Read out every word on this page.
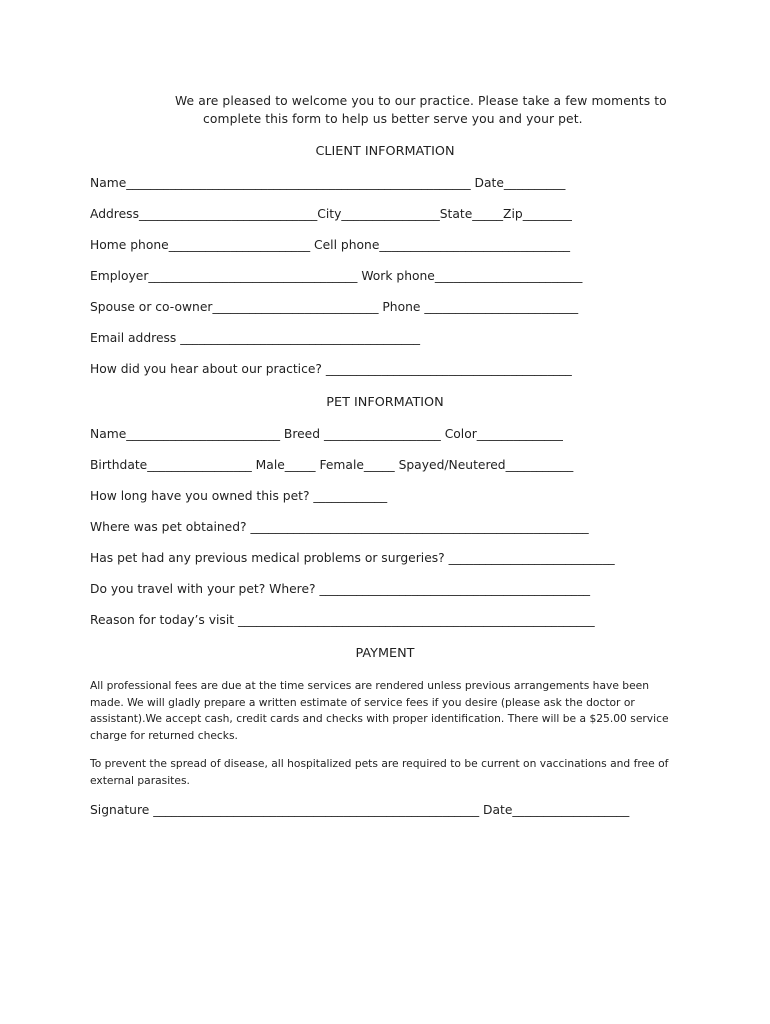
We are pleased to welcome you to our practice. Please take a few moments to
complete this form to help us better serve you and your pet.
CLIENT INFORMATION
Name________________________________________________________ Date__________
Address_____________________________City________________State_____Zip________
Home phone_______________________ Cell phone_______________________________
Employer__________________________________ Work phone________________________
Spouse or co-owner___________________________ Phone _________________________
Email address _______________________________________
How did you hear about our practice? ________________________________________
PET INFORMATION
Name_________________________ Breed ___________________ Color______________
Birthdate_________________ Male_____ Female_____ Spayed/Neutered___________
How long have you owned this pet? ____________
Where was pet obtained? _______________________________________________________
Has pet had any previous medical problems or surgeries? ___________________________
Do you travel with your pet? Where? ____________________________________________
Reason for today’s visit __________________________________________________________
PAYMENT
All professional fees are due at the time services are rendered unless previous arrangements have been made. We will gladly prepare a written estimate of service fees if you desire (please ask the doctor or assistant).We accept cash, credit cards and checks with proper identification. There will be a $25.00 service charge for returned checks.
To prevent the spread of disease, all hospitalized pets are required to be current on vaccinations and free of external parasites.
Signature _____________________________________________________ Date___________________
